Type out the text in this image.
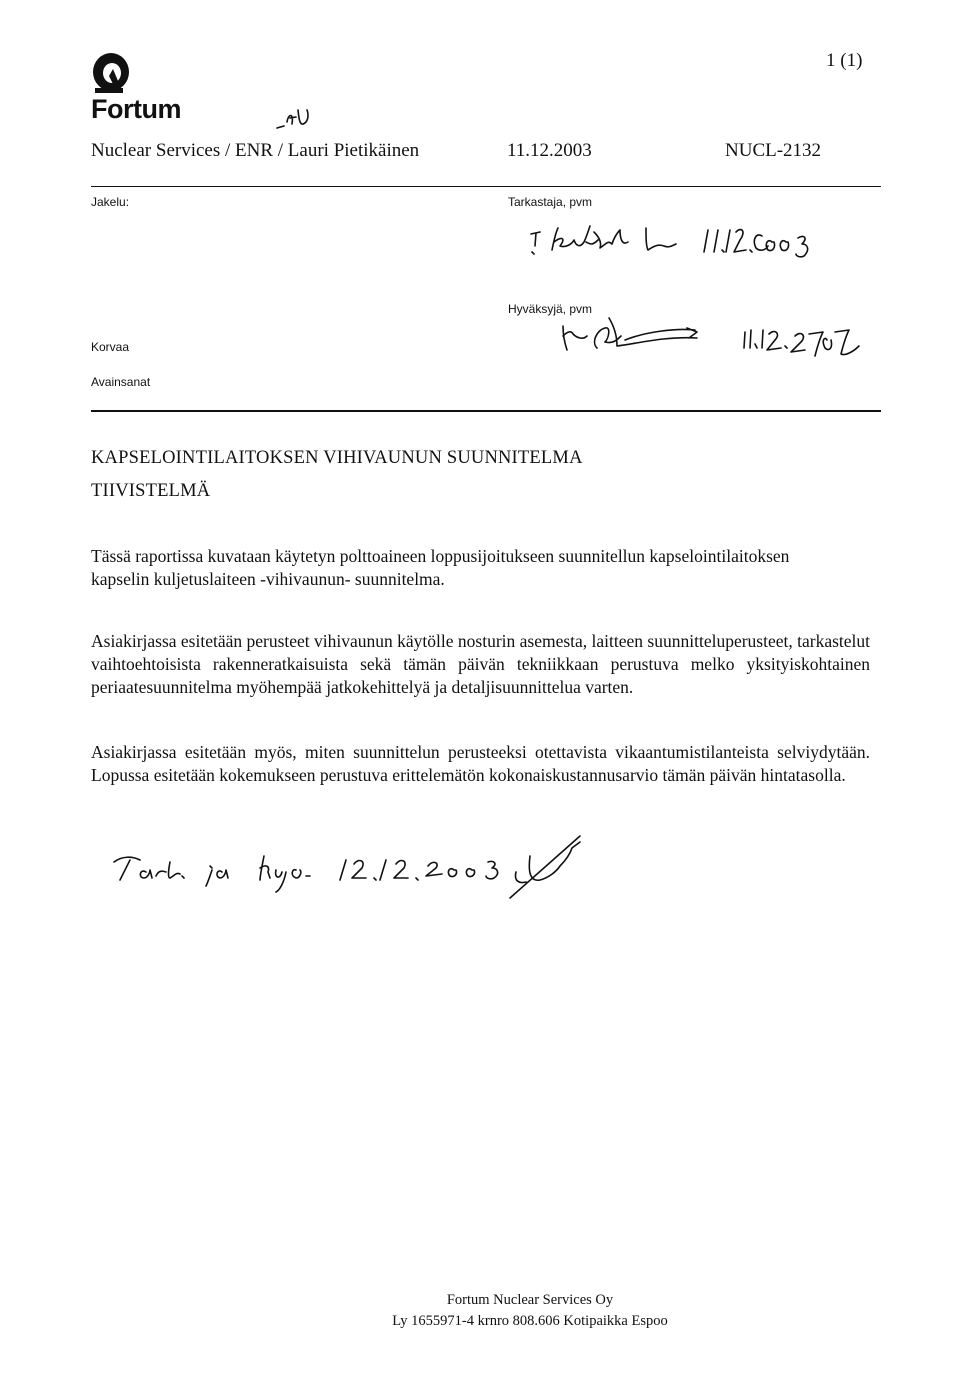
Fortum
1 (1)
Nuclear Services / ENR / Lauri Pietikäinen	11.12.2003	NUCL-2132
Jakelu:	Tarkastaja, pvm
Hyväksyjä, pvm
Korvaa
Avainsanat
KAPSELOINTILAITOKSEN VIHIVAUNUN SUUNNITELMA
TIIVISTELMÄ
Tässä raportissa kuvataan käytetyn polttoaineen loppusijoitukseen suunnitellun kapselointilaitoksen
kapselin kuljetuslaiteen -vihivaunun- suunnitelma.

Asiakirjassa esitetään perusteet vihivaunun käytölle nosturin asemesta, laitteen suunnitteluperusteet, tarkastelut vaihtoehtoisista rakenneratkaisuista sekä tämän päivän tekniikkaan perustuva melko yksityiskohtainen periaatesuunnitelma myöhempää jatkokehittelyä ja detaljisuunnittelua varten.

Asiakirjassa esitetään myös, miten suunnittelun perusteeksi otettavista vikaantumistilanteista selviydytään. Lopussa esitetään kokemukseen perustuva erittelemätön kokonaiskustannusarvio tämän päivän hintatasolla.

Fortum Nuclear Services Oy
Ly 1655971-4 krnro 808.606 Kotipaikka Espoo
